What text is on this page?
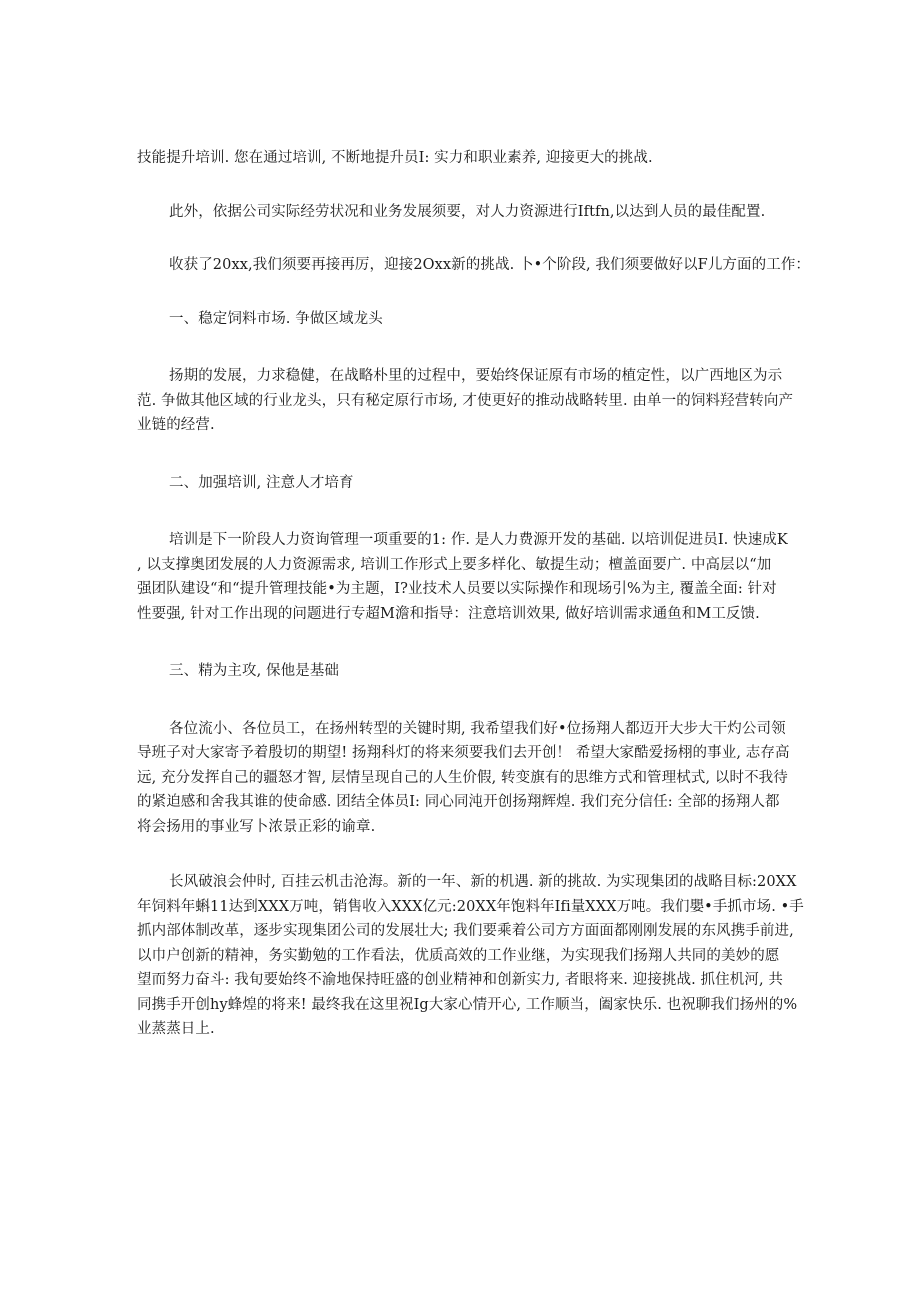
技能提升培训. 您在通过培训, 不断地提升员I: 实力和职业素养, 迎接更大的挑战.

此外，依据公司实际经劳状况和业务发展须要，对人力资源进行Iftfn,以达到人员的最佳配置.

收获了20xx,我们须要再接再厉，迎接2Oxx新的挑战. 卜•个阶段, 我们须要做好以F儿方面的工作：

一、稳定饲料市场. 争做区域龙头

扬期的发展，力求稳健，在战略朴里的过程中，要始终保证原有市场的植定性，以广西地区为示
范. 争做其他区域的行业龙头，只有秘定原行市场, 才使更好的推动战略转里. 由单一的饲料羟营转向产
业链的经营.

二、加强培训, 注意人才培育

培训是下一阶段人力资询管理一项重要的1: 作. 是人力费源开发的基础. 以培训促进员I. 快速成K
, 以支撑奥团发展的人力资源需求, 培训工作形式上要多样化、敏提生动；檀盖面要广. 中高层以“加
强团队建设“和“提升管理技能•为主题，I?业技术人员要以实际操作和现场引%为主, 覆盖全面: 针对
性要强, 针对工作出现的问题进行专超M澹和指导：注意培训效果, 做好培训需求通鱼和M工反馈.

三、精为主攻, 保他是基础

各位流小、各位员工，在扬州转型的关键时期, 我希望我们好•位扬翔人都迈开大步大干灼公司领
导班子对大家寄予着殷切的期望! 扬翔科灯的将来须要我们去开创！ 希望大家酷爱扬栩的事业, 志存高
远, 充分发挥自己的疆怒才智, 层情呈现自己的人生价假, 转变旗有的思维方式和管理栻式, 以时不我待
的紧迫感和舍我其谁的使命感. 团结全体员I: 同心同沌开创扬翔辉煌. 我们充分信任: 全部的扬翔人都
将会扬用的事业写卜浓景正彩的谕章.

长风破浪会仲时, 百挂云机击沧海。新的一年、新的机遇. 新的挑故. 为实现集团的战略目标:20XX
年饲料年蝌11达到XXX万吨，销售收入XXX亿元:20XX年饱料年Ifi量XXX万吨。我们嬰•手抓市场. •手
抓内部体制改革，逐步实现集团公司的发展壮大; 我们要乘着公司方方面面都刚刚发展的东风携手前进,
以巾户创新的精神，务实勤勉的工作看法，优质高效的工作业继，为实现我们扬翔人共同的美妙的愿
望而努力奋斗: 我旬要始终不渝地保持旺盛的创业精神和创新实力, 者眼将来. 迎接挑战. 抓住机河, 共
同携手开创hy蜂煌的将来! 最终我在这里祝Ig大家心情开心, 工作顺当，阖家快乐. 也祝聊我们扬州的%
业蒸蒸日上.
